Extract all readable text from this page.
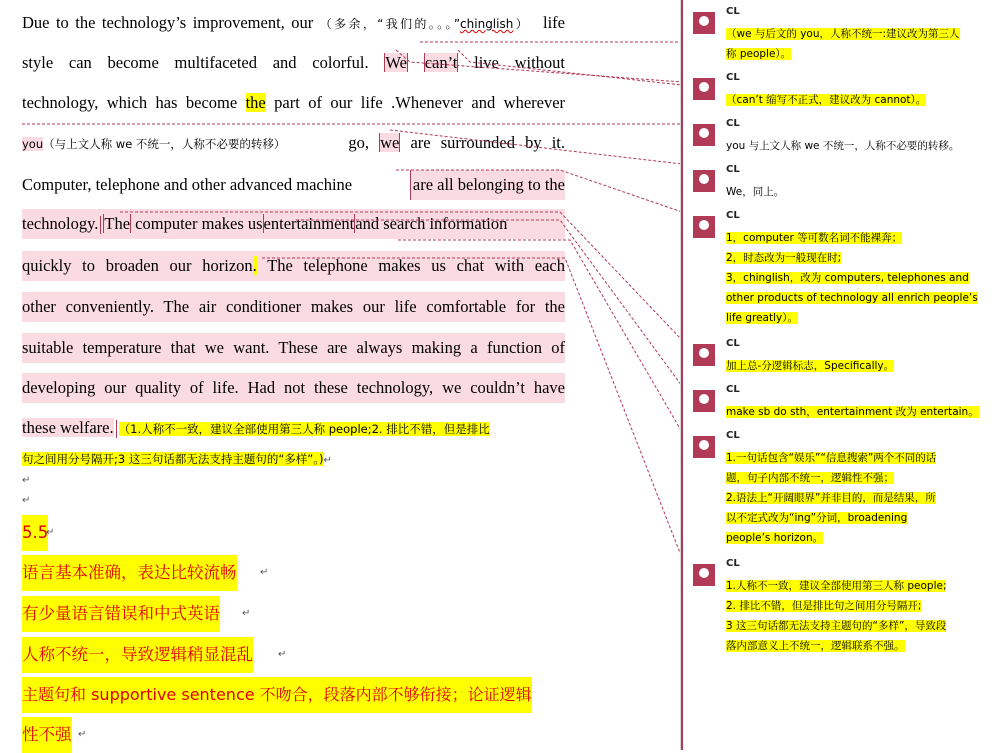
Due to the technology’s improvement, our （多余，“我们的。。。”chinglish） life
style can become multifaceted and colorful. We can’t live without
technology, which has become the part of our life .Whenever and wherever
you（与上文人称 we 不统一，人称不必要的转移）	go, we are surrounded by it.
Computer, telephone and other advanced machine	are all belonging to the
technology. The computer makes usentertainmentand search information
quickly to broaden our horizon. The telephone makes us chat with each
other conveniently. The air conditioner makes our life comfortable for the
suitable temperature that we want. These are always making a function of
developing our quality of life. Had not these technology, we couldn’t have
these welfare. （1.人称不一致，建议全部使用第三人称 people;2. 排比不错，但是排比
句之间用分号隔开;3 这三句话都无法支持主题句的“多样”。)↵
↵
↵
5.5
↵
语言基本准确，表达比较流畅 ↵
有少量语言错误和中式英语 ↵
人称不统一，导致逻辑稍显混乱	↵
主题句和 supportive sentence 不吻合，段落内部不够衔接；论证逻辑
性不强 ↵
CL
（we 与后文的 you，人称不统一:建议改为第三人
称 people）。
CL
（can’t 缩写不正式，建议改为 cannot）。
CL
you 与上文人称 we 不统一，人称不必要的转移。
CL
We，同上。
CL
1，computer 等可数名词不能裸奔；
2，时态改为一般现在时;
3，chinglish，改为 computers, telephones and
other products of technology all enrich people’s
life greatly）。
CL
加上总-分逻辑标志，Specifically。
CL
make sb do sth，entertainment 改为 entertain。
CL
1.一句话包含“娱乐”“信息搜索”两个不同的话
题，句子内部不统一，逻辑性不强；
2.语法上“开阔眼界”并非目的，而是结果，所
以不定式改为“ing”分词，broadening
people’s horizon。
CL
1.人称不一致，建议全部使用第三人称 people;
2. 排比不错，但是排比句之间用分号隔开;
3 这三句话都无法支持主题句的“多样”，导致段
落内部意义上不统一，逻辑联系不强。
